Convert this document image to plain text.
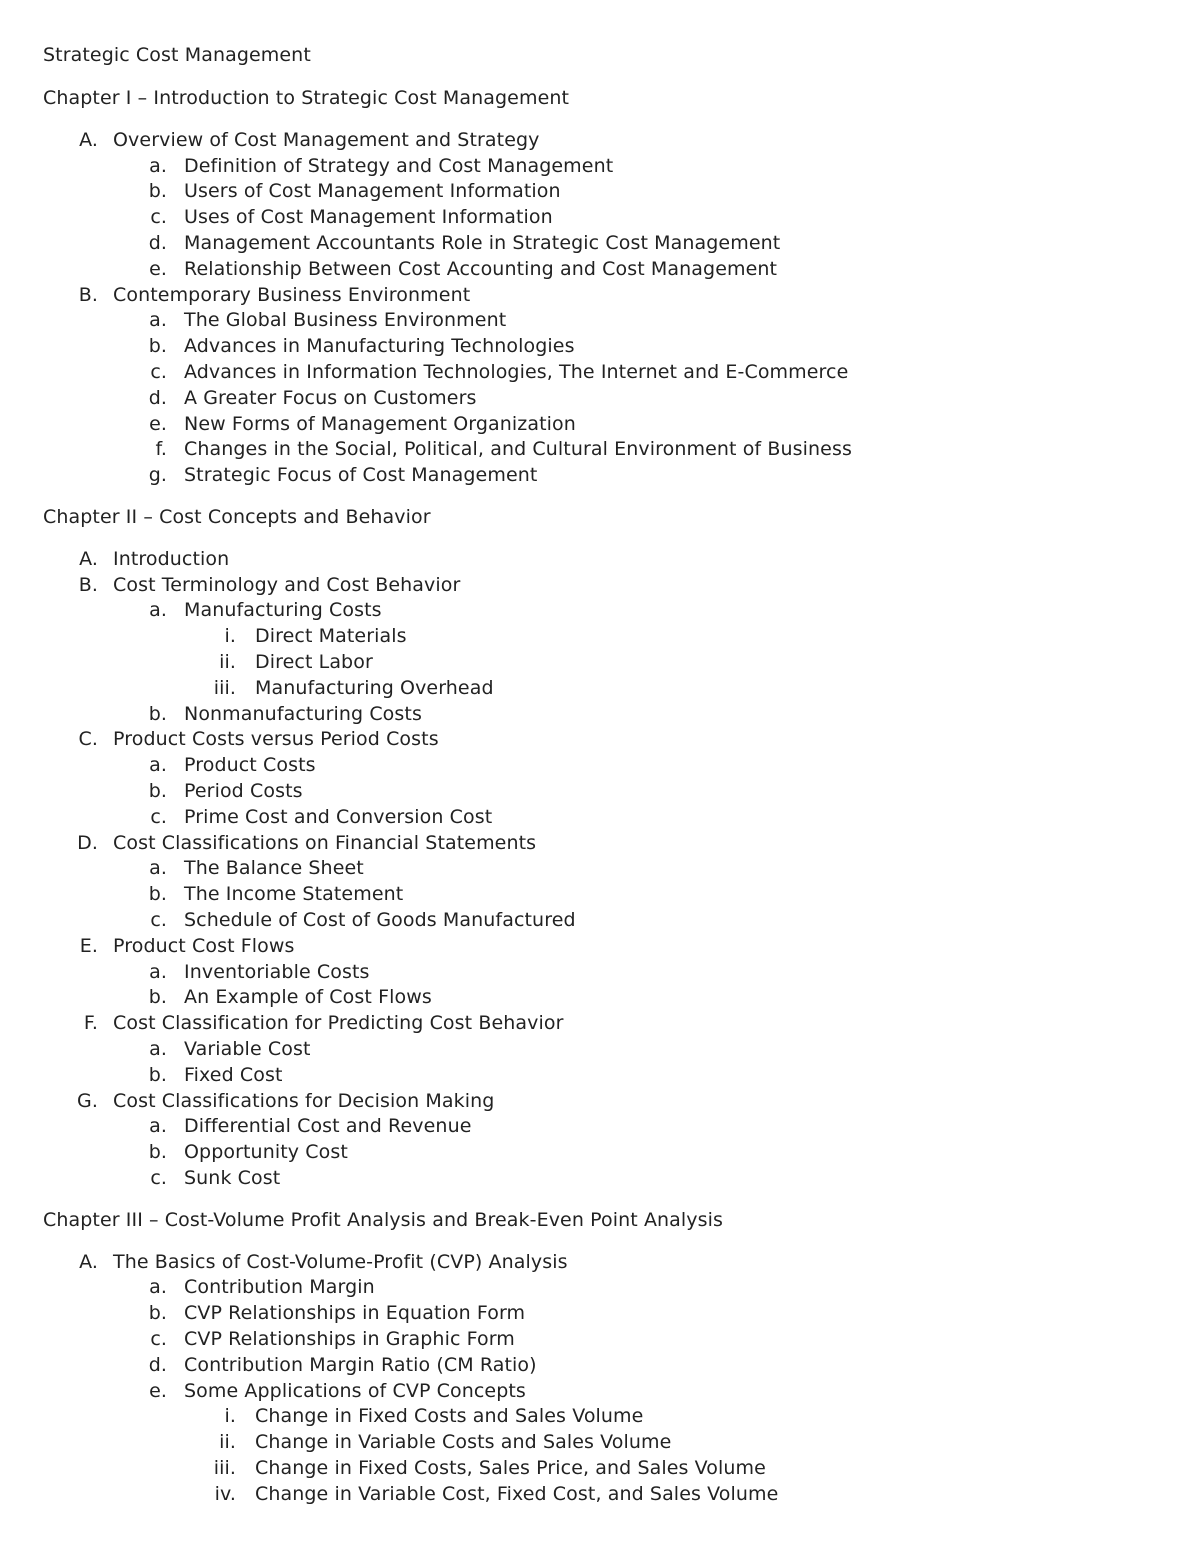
Strategic Cost Management
Chapter I – Introduction to Strategic Cost Management
A. Overview of Cost Management and Strategy
a. Definition of Strategy and Cost Management
b. Users of Cost Management Information
c. Uses of Cost Management Information
d. Management Accountants Role in Strategic Cost Management
e. Relationship Between Cost Accounting and Cost Management
B. Contemporary Business Environment
a. The Global Business Environment
b. Advances in Manufacturing Technologies
c. Advances in Information Technologies, The Internet and E-Commerce
d. A Greater Focus on Customers
e. New Forms of Management Organization
f. Changes in the Social, Political, and Cultural Environment of Business
g. Strategic Focus of Cost Management
Chapter II – Cost Concepts and Behavior
A. Introduction
B. Cost Terminology and Cost Behavior
a. Manufacturing Costs
i. Direct Materials
ii. Direct Labor
iii. Manufacturing Overhead
b. Nonmanufacturing Costs
C. Product Costs versus Period Costs
a. Product Costs
b. Period Costs
c. Prime Cost and Conversion Cost
D. Cost Classifications on Financial Statements
a. The Balance Sheet
b. The Income Statement
c. Schedule of Cost of Goods Manufactured
E. Product Cost Flows
a. Inventoriable Costs
b. An Example of Cost Flows
F. Cost Classification for Predicting Cost Behavior
a. Variable Cost
b. Fixed Cost
G. Cost Classifications for Decision Making
a. Differential Cost and Revenue
b. Opportunity Cost
c. Sunk Cost
Chapter III – Cost-Volume Profit Analysis and Break-Even Point Analysis
A. The Basics of Cost-Volume-Profit (CVP) Analysis
a. Contribution Margin
b. CVP Relationships in Equation Form
c. CVP Relationships in Graphic Form
d. Contribution Margin Ratio (CM Ratio)
e. Some Applications of CVP Concepts
i. Change in Fixed Costs and Sales Volume
ii. Change in Variable Costs and Sales Volume
iii. Change in Fixed Costs, Sales Price, and Sales Volume
iv. Change in Variable Cost, Fixed Cost, and Sales Volume
